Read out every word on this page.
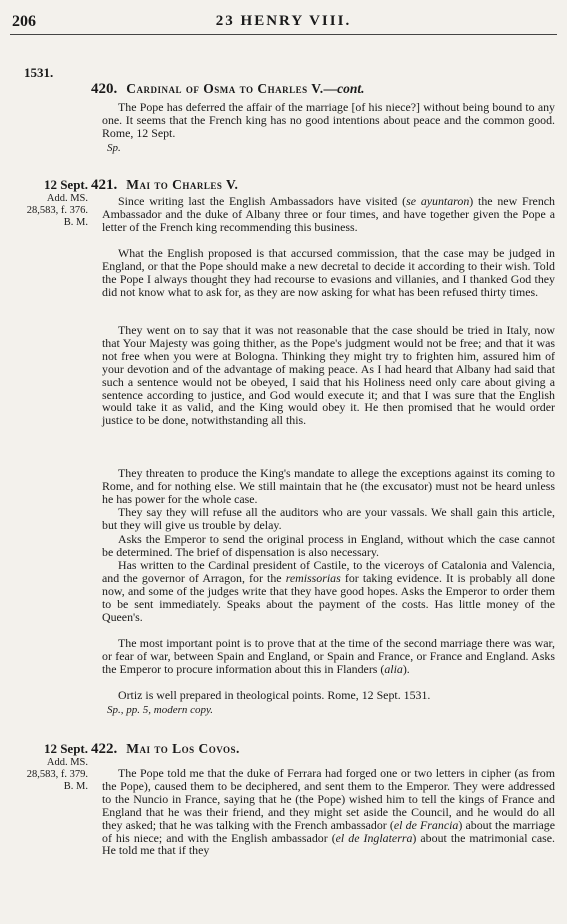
206	23 HENRY VIII.
1531.
420. Cardinal of Osma to Charles V.—cont.
The Pope has deferred the affair of the marriage [of his niece?] without being bound to any one. It seems that the French king has no good intentions about peace and the common good. Rome, 12 Sept.
Sp.
12 Sept.
Add. MS.
28,583, f. 376.
B. M.
421. Mai to Charles V.
Since writing last the English Ambassadors have visited (se ayuntaron) the new French Ambassador and the duke of Albany three or four times, and have together given the Pope a letter of the French king recommending this business.
What the English proposed is that accursed commission, that the case may be judged in England, or that the Pope should make a new decretal to decide it according to their wish. Told the Pope I always thought they had recourse to evasions and villanies, and I thanked God they did not know what to ask for, as they are now asking for what has been refused thirty times.
They went on to say that it was not reasonable that the case should be tried in Italy, now that Your Majesty was going thither, as the Pope's judgment would not be free; and that it was not free when you were at Bologna. Thinking they might try to frighten him, assured him of your devotion and of the advantage of making peace. As I had heard that Albany had said that such a sentence would not be obeyed, I said that his Holiness need only care about giving a sentence according to justice, and God would execute it; and that I was sure that the English would take it as valid, and the King would obey it. He then promised that he would order justice to be done, notwithstanding all this.
They threaten to produce the King's mandate to allege the exceptions against its coming to Rome, and for nothing else. We still maintain that he (the excusator) must not be heard unless he has power for the whole case.
They say they will refuse all the auditors who are your vassals. We shall gain this article, but they will give us trouble by delay.
Asks the Emperor to send the original process in England, without which the case cannot be determined. The brief of dispensation is also necessary.
Has written to the Cardinal president of Castile, to the viceroys of Catalonia and Valencia, and the governor of Arragon, for the remissorias for taking evidence. It is probably all done now, and some of the judges write that they have good hopes. Asks the Emperor to order them to be sent immediately. Speaks about the payment of the costs. Has little money of the Queen's.
The most important point is to prove that at the time of the second marriage there was war, or fear of war, between Spain and England, or Spain and France, or France and England. Asks the Emperor to procure information about this in Flanders (alia).
Ortiz is well prepared in theological points. Rome, 12 Sept. 1531.
Sp., pp. 5, modern copy.
12 Sept.
Add. MS.
28,583, f. 379.
B. M.
422. Mai to Los Covos.
The Pope told me that the duke of Ferrara had forged one or two letters in cipher (as from the Pope), caused them to be deciphered, and sent them to the Emperor. They were addressed to the Nuncio in France, saying that he (the Pope) wished him to tell the kings of France and England that he was their friend, and they might set aside the Council, and he would do all they asked; that he was talking with the French ambassador (el de Francia) about the marriage of his niece; and with the English ambassador (el de Inglaterra) about the matrimonial case. He told me that if they
